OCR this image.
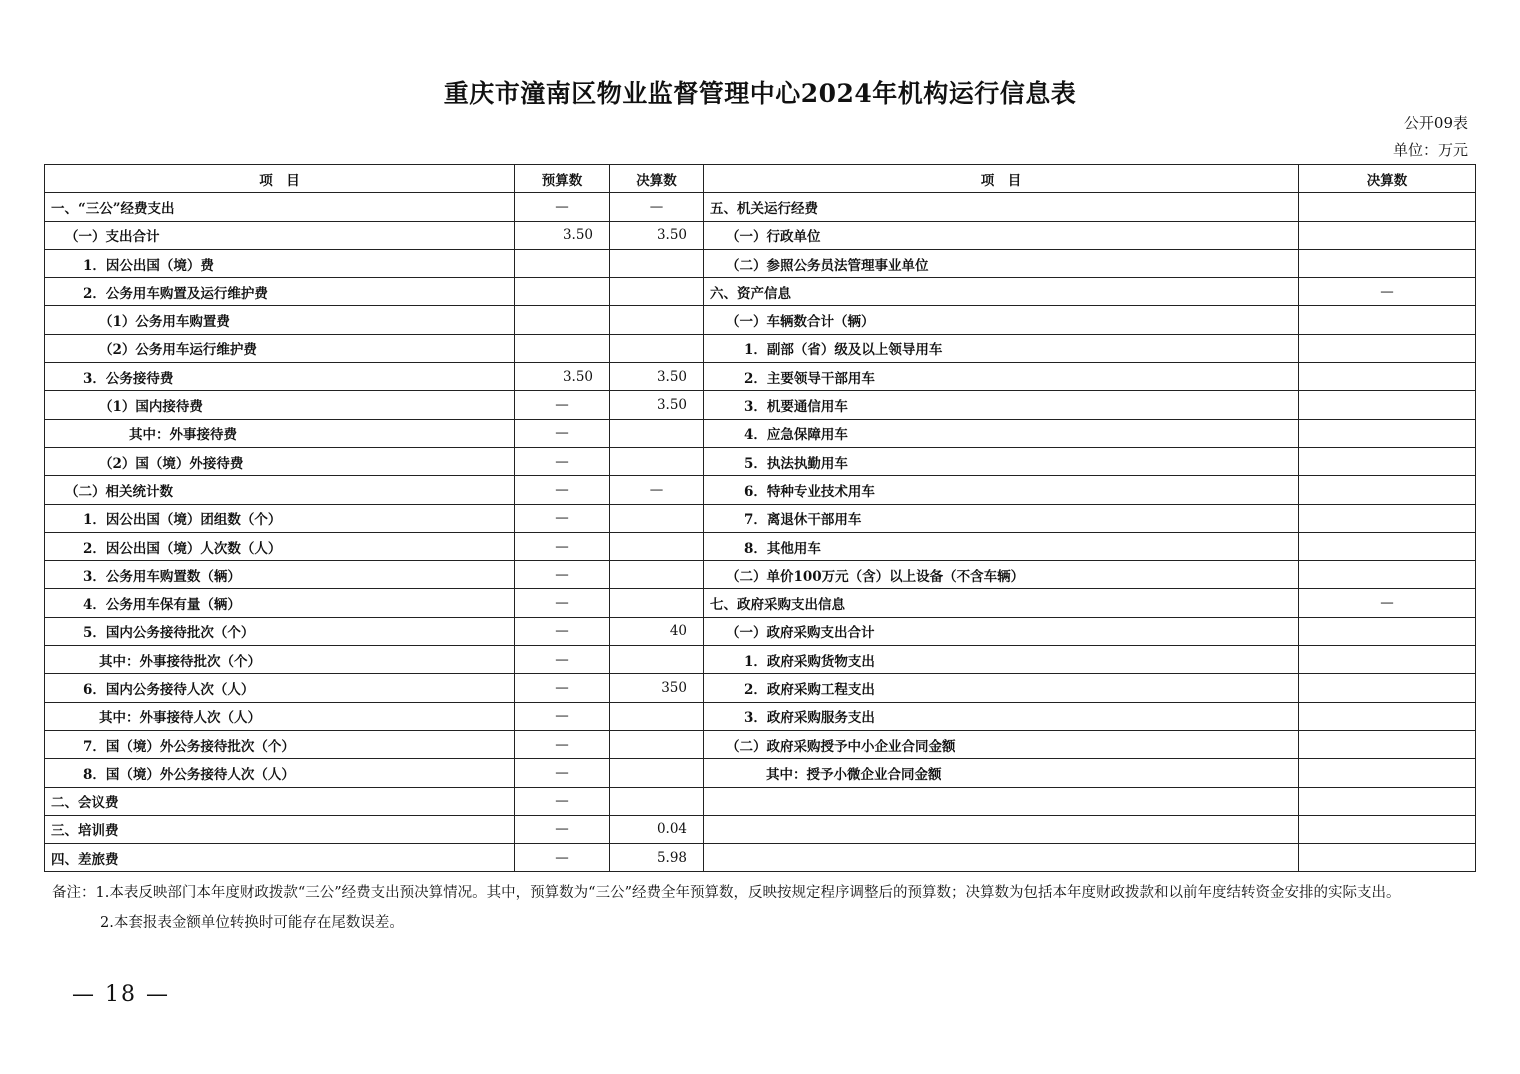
重庆市潼南区物业监督管理中心2024年机构运行信息表
公开09表
单位：万元
项　目	预算数	决算数	项　目	决算数
一、“三公”经费支出	—	—	五、机关运行经费	
（一）支出合计	3.50	3.50	（一）行政单位	
1．因公出国（境）费			（二）参照公务员法管理事业单位	
2．公务用车购置及运行维护费			六、资产信息	—
（1）公务用车购置费			（一）车辆数合计（辆）	
（2）公务用车运行维护费			1．副部（省）级及以上领导用车	
3．公务接待费	3.50	3.50	2．主要领导干部用车	
（1）国内接待费	—	3.50	3．机要通信用车	
其中：外事接待费	—		4．应急保障用车	
（2）国（境）外接待费	—		5．执法执勤用车	
（二）相关统计数	—	—	6．特种专业技术用车	
1．因公出国（境）团组数（个）	—		7．离退休干部用车	
2．因公出国（境）人次数（人）	—		8．其他用车	
3．公务用车购置数（辆）	—		（二）单价100万元（含）以上设备（不含车辆）	
4．公务用车保有量（辆）	—		七、政府采购支出信息	—
5．国内公务接待批次（个）	—	40	（一）政府采购支出合计	
其中：外事接待批次（个）	—		1．政府采购货物支出	
6．国内公务接待人次（人）	—	350	2．政府采购工程支出	
其中：外事接待人次（人）	—		3．政府采购服务支出	
7．国（境）外公务接待批次（个）	—		（二）政府采购授予中小企业合同金额	
8．国（境）外公务接待人次（人）	—		其中：授予小微企业合同金额	
二、会议费	—			
三、培训费	—	0.04		
四、差旅费	—	5.98		

备注：1.本表反映部门本年度财政拨款“三公”经费支出预决算情况。其中，预算数为“三公”经费全年预算数，反映按规定程序调整后的预算数；决算数为包括本年度财政拨款和以前年度结转资金安排的实际支出。

2.本套报表金额单位转换时可能存在尾数误差。

— 18 —
